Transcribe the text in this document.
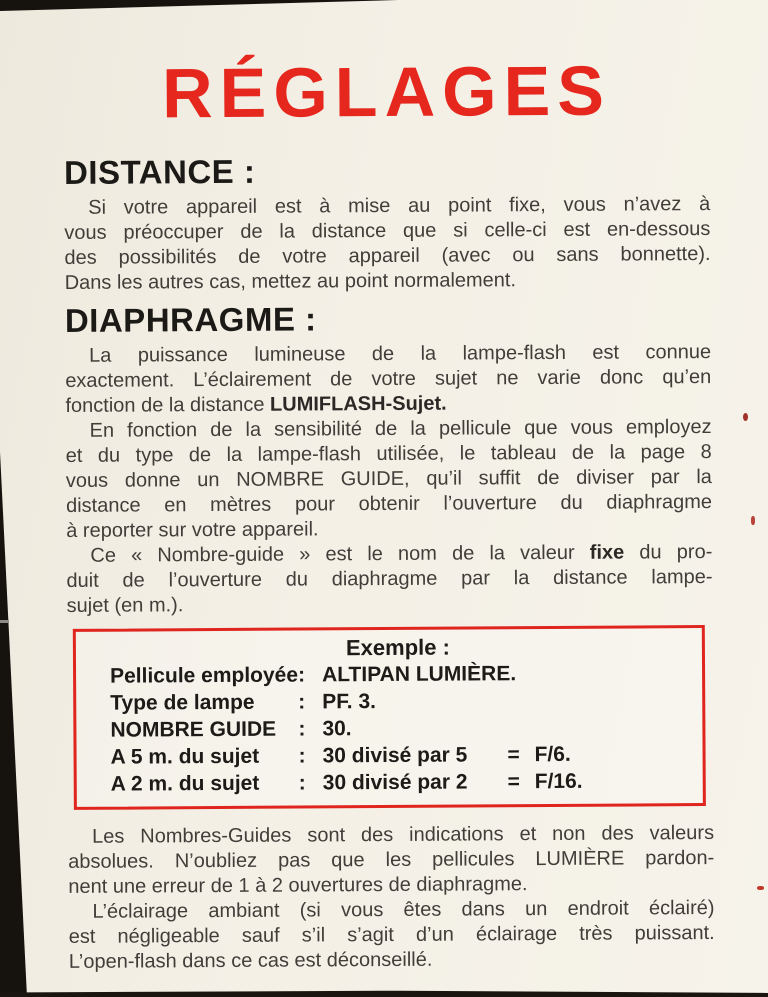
RÉGLAGES
DISTANCE :

Si votre appareil est à mise au point fixe, vous n’avez à
vous préoccuper de la distance que si celle-ci est en-dessous
des possibilités de votre appareil (avec ou sans bonnette).
Dans les autres cas, mettez au point normalement.

DIAPHRAGME :

La puissance lumineuse de la lampe-flash est connue
exactement. L’éclairement de votre sujet ne varie donc qu’en
fonction de la distance LUMIFLASH-Sujet.

En fonction de la sensibilité de la pellicule que vous employez
et du type de la lampe-flash utilisée, le tableau de la page 8
vous donne un NOMBRE GUIDE, qu’il suffit de diviser par la
distance en mètres pour obtenir l’ouverture du diaphragme
à reporter sur votre appareil.

Ce « Nombre-guide » est le nom de la valeur fixe du pro-
duit de l’ouverture du diaphragme par la distance lampe-
sujet (en m.).

Exemple :
Pellicule employée : ALTIPAN LUMIÈRE.
Type de lampe	: PF. 3.
NOMBRE GUIDE	: 30.
A 5 m. du sujet	: 30 divisé par 5	= F/6.
A 2 m. du sujet	: 30 divisé par 2	= F/16.

Les Nombres-Guides sont des indications et non des valeurs
absolues. N’oubliez pas que les pellicules LUMIÈRE pardon-
nent une erreur de 1 à 2 ouvertures de diaphragme.

L’éclairage ambiant (si vous êtes dans un endroit éclairé)
est négligeable sauf s’il s’agit d’un éclairage très puissant.
L’open-flash dans ce cas est déconseillé.
